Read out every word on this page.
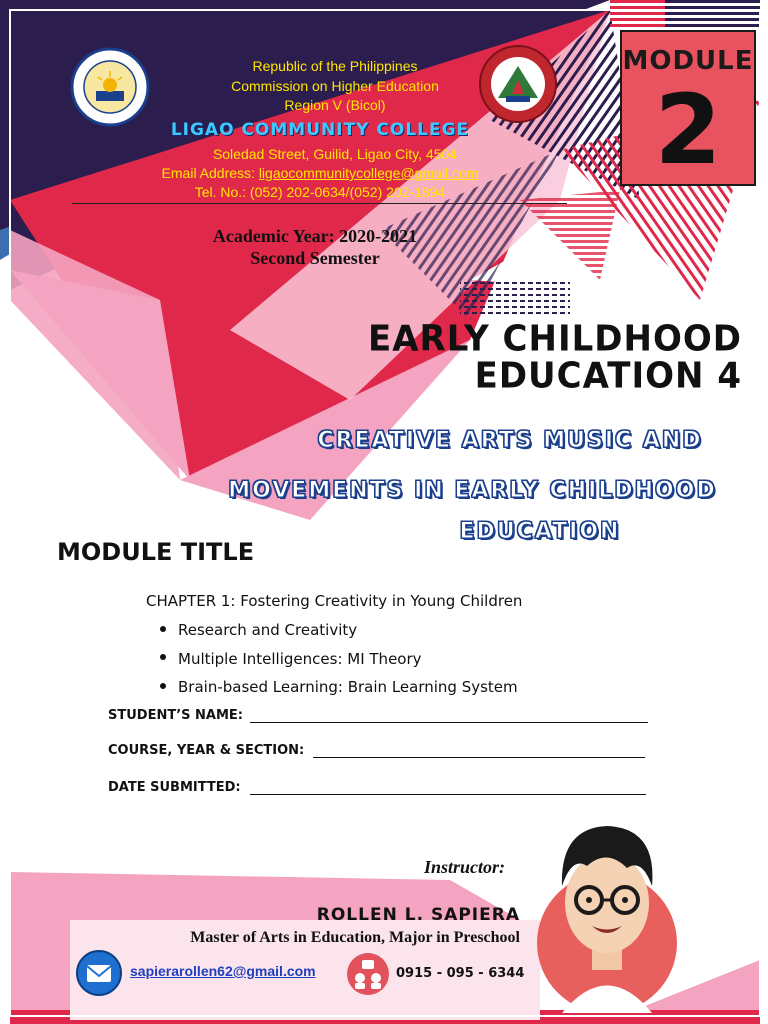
Republic of the Philippines
Commission on Higher Education
Region V (Bicol)
LIGAO COMMUNITY COLLEGE
Soledad Street, Guilid, Ligao City, 4504
Email Address: ligaocommunitycollege@gmail.com
Tel. No.: (052) 202-0634/(052) 202-1894
Academic Year: 2020-2021
Second Semester
MODULE
2
EARLY CHILDHOOD
EDUCATION 4
CREATIVE ARTS MUSIC AND
MOVEMENTS IN EARLY CHILDHOOD
EDUCATION
MODULE TITLE
CHAPTER 1: Fostering Creativity in Young Children
Research and Creativity
Multiple Intelligences: MI Theory
Brain-based Learning: Brain Learning System
STUDENT’S NAME:
COURSE, YEAR & SECTION:
DATE SUBMITTED:
Instructor:
ROLLEN L. SAPIERA
Master of Arts in Education, Major in Preschool
sapierarollen62@gmail.com	0915 - 095 - 6344
